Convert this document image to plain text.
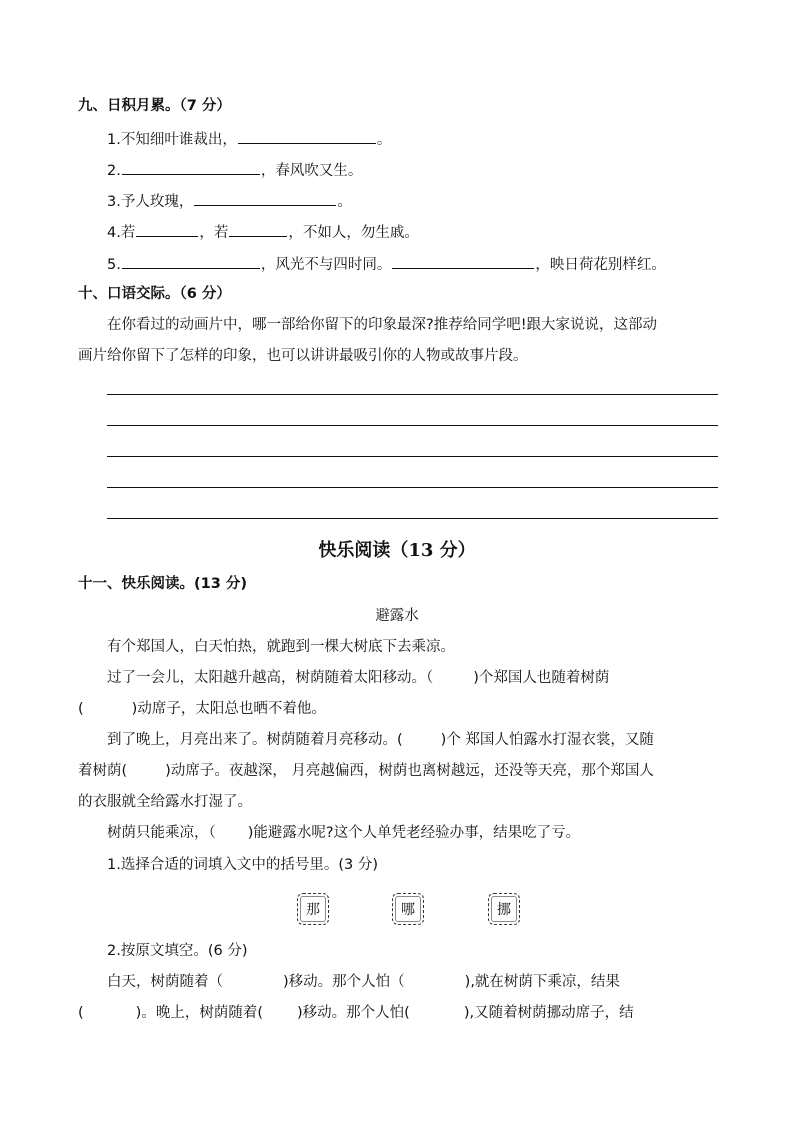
九、日积月累。（7 分）
1.不知细叶谁裁出，	。
2.	，春风吹又生。
3.予人玫瑰，	。
4.若	，若	，不如人，勿生戚。
5.	，风光不与四时同。	，映日荷花别样红。
十、口语交际。（6 分）
在你看过的动画片中，哪一部给你留下的印象最深?推荐给同学吧!跟大家说说，这部动
画片给你留下了怎样的印象，也可以讲讲最吸引你的人物或故事片段。
快乐阅读（13 分）
十一、快乐阅读。(13 分)
避露水
有个郑国人，白天怕热，就跑到一棵大树底下去乘凉。
过了一会儿，太阳越升越高，树荫随着太阳移动。（	)个郑国人也随着树荫
(	)动席子，太阳总也晒不着他。
到了晚上，月亮出来了。树荫随着月亮移动。(	)个 郑国人怕露水打湿衣裳，又随
着树荫(	)动席子。夜越深， 月亮越偏西，树荫也离树越远，还没等天亮，那个郑国人
的衣服就全给露水打湿了。
树荫只能乘凉，（ )能避露水呢?这个人单凭老经验办事，结果吃了亏。
1.选择合适的词填入文中的括号里。(3 分)
那	哪	挪
2.按原文填空。(6 分)
白天，树荫随着（	)移动。那个人怕（	),就在树荫下乘凉，结果
(	)。晚上，树荫随着( )移动。那个人怕(	),又随着树荫挪动席子，结
